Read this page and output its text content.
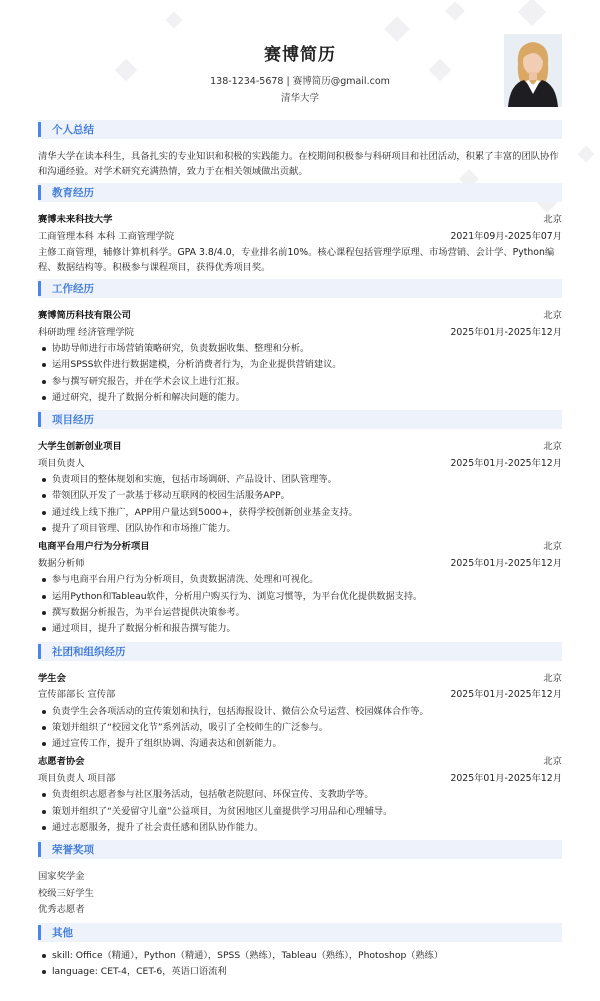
赛博简历
138-1234-5678 | 赛博简历@gmail.com
清华大学
个人总结
清华大学在读本科生，具备扎实的专业知识和积极的实践能力。在校期间积极参与科研项目和社团活动，积累了丰富的团队协作和沟通经验。对学术研究充满热情，致力于在相关领域做出贡献。
教育经历
赛博未来科技大学	北京
工商管理本科 本科 工商管理学院	2021年09月-2025年07月
主修工商管理，辅修计算机科学。GPA 3.8/4.0，专业排名前10%。核心课程包括管理学原理、市场营销、会计学、Python编程、数据结构等。积极参与课程项目，获得优秀项目奖。
工作经历
赛博简历科技有限公司	北京
科研助理 经济管理学院	2025年01月-2025年12月
协助导师进行市场营销策略研究，负责数据收集、整理和分析。
运用SPSS软件进行数据建模，分析消费者行为，为企业提供营销建议。
参与撰写研究报告，并在学术会议上进行汇报。
通过研究，提升了数据分析和解决问题的能力。
项目经历
大学生创新创业项目	北京
项目负责人	2025年01月-2025年12月
负责项目的整体规划和实施，包括市场调研、产品设计、团队管理等。
带领团队开发了一款基于移动互联网的校园生活服务APP。
通过线上线下推广，APP用户量达到5000+，获得学校创新创业基金支持。
提升了项目管理、团队协作和市场推广能力。
电商平台用户行为分析项目	北京
数据分析师	2025年01月-2025年12月
参与电商平台用户行为分析项目，负责数据清洗、处理和可视化。
运用Python和Tableau软件，分析用户购买行为、浏览习惯等，为平台优化提供数据支持。
撰写数据分析报告，为平台运营提供决策参考。
通过项目，提升了数据分析和报告撰写能力。
社团和组织经历
学生会	北京
宣传部部长 宣传部	2025年01月-2025年12月
负责学生会各项活动的宣传策划和执行，包括海报设计、微信公众号运营、校园媒体合作等。
策划并组织了“校园文化节”系列活动，吸引了全校师生的广泛参与。
通过宣传工作，提升了组织协调、沟通表达和创新能力。
志愿者协会	北京
项目负责人 项目部	2025年01月-2025年12月
负责组织志愿者参与社区服务活动，包括敬老院慰问、环保宣传、支教助学等。
策划并组织了“关爱留守儿童”公益项目，为贫困地区儿童提供学习用品和心理辅导。
通过志愿服务，提升了社会责任感和团队协作能力。
荣誉奖项
国家奖学金
校级三好学生
优秀志愿者
其他
skill: Office（精通），Python（精通），SPSS（熟练），Tableau（熟练），Photoshop（熟练）
language: CET-4，CET-6，英语口语流利
